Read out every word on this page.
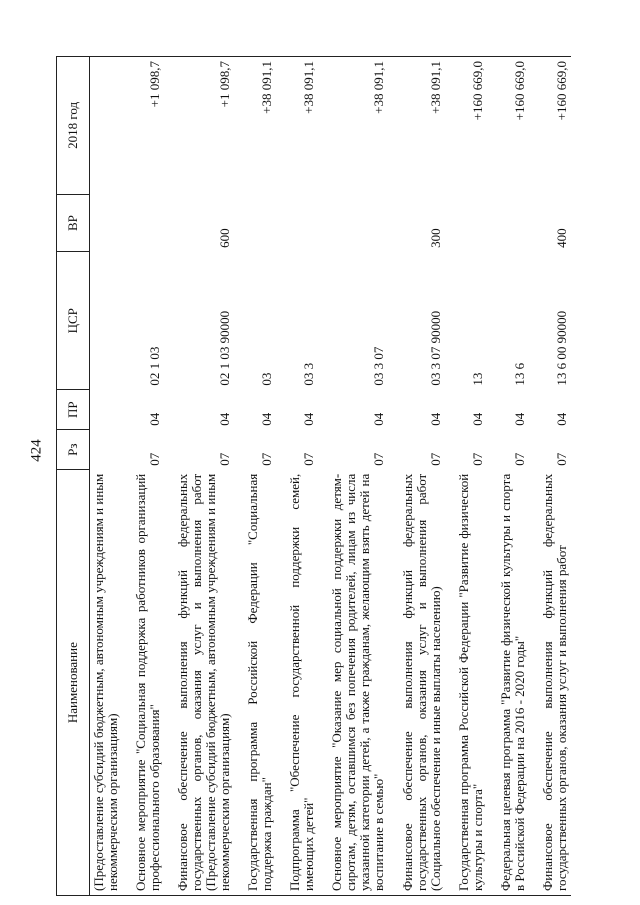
424
Наименование	Рз	ПР	ЦСР	ВР	2018 год
(Предоставление субсидий бюджетным, автономным учреждениям и иным некоммерческим организациям)					

Основное мероприятие "Социальная поддержка работников организаций профессионального образования"	07	04	02 1 03		+1 098,7

Финансовое обеспечение выполнения функций федеральных государственных органов, оказания услуг и выполнения работ (Предоставление субсидий бюджетным, автономным учреждениям и иным некоммерческим организациям)	07	04	02 1 03 90000	600	+1 098,7

Государственная программа Российской Федерации "Социальная поддержка граждан"	07	04	03		+38 091,1

Подпрограмма "Обеспечение государственной поддержки семей, имеющих детей"	07	04	03 3		+38 091,1

Основное мероприятие "Оказание мер социальной поддержки детям-сиротам, детям, оставшимся без попечения родителей, лицам из числа указанной категории детей, а также гражданам, желающим взять детей на воспитание в семью"	07	04	03 3 07		+38 091,1

Финансовое обеспечение выполнения функций федеральных государственных органов, оказания услуг и выполнения работ (Социальное обеспечение и иные выплаты населению)	07	04	03 3 07 90000	300	+38 091,1

Государственная программа Российской Федерации "Развитие физической культуры и спорта"	07	04	13		+160 669,0

Федеральная целевая программа "Развитие физической культуры и спорта в Российской Федерации на 2016 - 2020 годы"	07	04	13 6		+160 669,0

Финансовое обеспечение выполнения функций федеральных государственных органов, оказания услуг и выполнения работ	07	04	13 6 00 90000	400	+160 669,0
